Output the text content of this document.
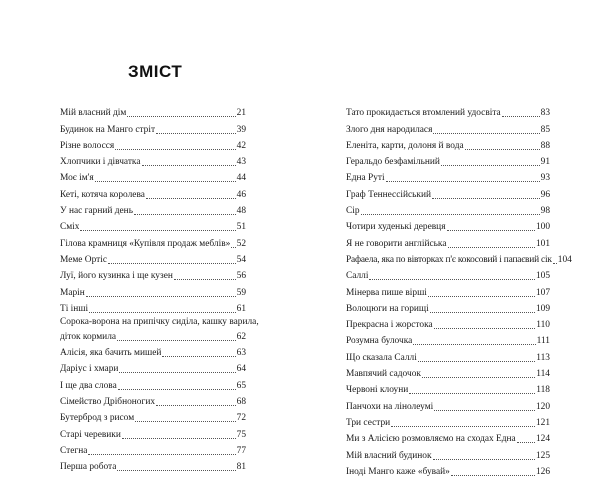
ЗМІСТ
Мій власний дім	21
Будинок на Манго стріт	39
Різне волосся	42
Хлопчики і дівчатка	43
Моє ім'я	44
Кеті, котяча королева	46
У нас гарний день	48
Сміх	51
Гілова крамниця «Купівля продаж меблів» 52
Меме Ортіс	54
Луї, його кузинка і ще кузен	56
Марін	59
Ті інші	61
Сорока-ворона на припічку сиділа, кашку варила,
діток кормила	62
Алісія, яка бачить мишей	63
Даріус і хмари	64
І ще два слова	65
Сімейство Дрібноногих	68
Бутерброд з рисом	72
Старі черевики	75
Стегна	77
Перша робота	81
Тато прокидається втомлений удосвіта	83
Злого дня народилася	85
Еленіта, карти, долоня й вода	88
Геральдо безфамільний	91
Една Руті	93
Граф Теннессійський	96
Сір	98
Чотири худенькі деревця	100
Я не говорити англійська	101
Рафаела, яка по вівторках п'є кокосовий і папаєвий сік 104
Саллі	105
Мінерва пише вірші	107
Волоцюги на горищі	109
Прекрасна і жорстока	110
Розумна булочка	111
Що сказала Саллі	113
Мавпячий садочок	114
Червоні клоуни	118
Панчохи на лінолеумі	120
Три сестри	121
Ми з Алісією розмовляємо на сходах Една 124
Мій власний будинок	125
Іноді Манго каже «бувай»	126
